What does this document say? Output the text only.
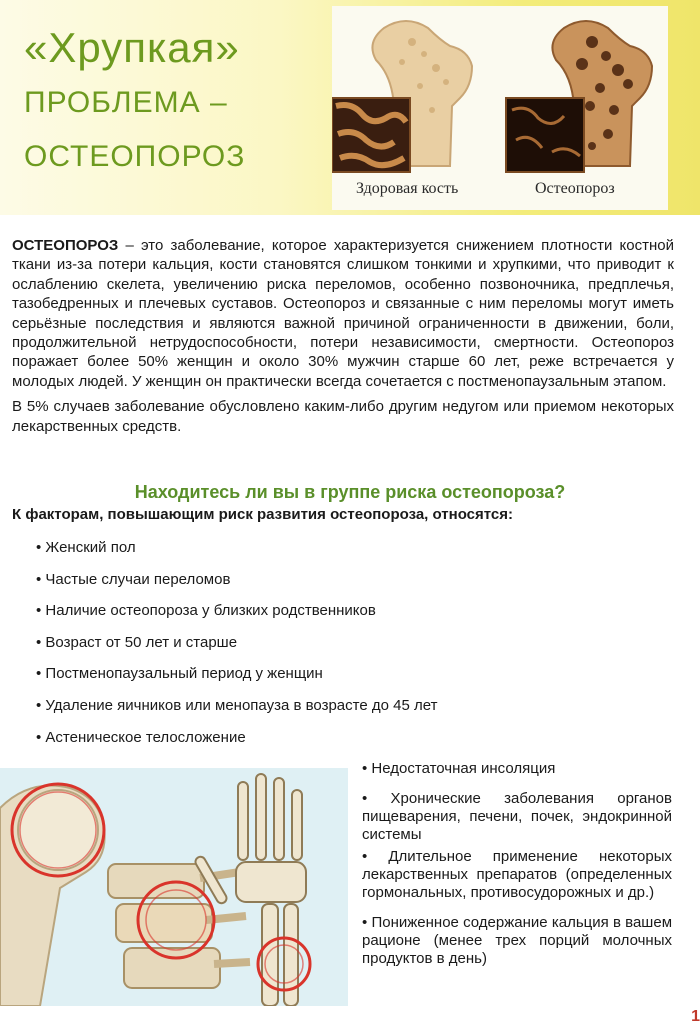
«Хрупкая»
ПРОБЛЕМА –
ОСТЕОПОРОЗ
Здоровая кость	Остеопороз

ОСТЕОПОРОЗ – это заболевание, которое характеризуется снижением плотности костной ткани из-за потери кальция, кости становятся слишком тонкими и хрупкими, что приводит к ослаблению скелета, увеличению риска переломов, особенно позвоночника, предплечья, тазобедренных и плечевых суставов. Остеопороз и связанные с ним переломы могут иметь серьёзные последствия и являются важной причиной ограниченности в движении, боли, продолжительной нетрудоспособности, потери независимости, смертности. Остеопороз поражает более 50% женщин и около 30% мужчин старше 60 лет, реже встречается у молодых людей. У женщин он практически всегда сочетается с постменопаузальным этапом.

В 5% случаев заболевание обусловлено каким-либо другим недугом или приемом некоторых лекарственных средств.

Находитесь ли вы в группе риска остеопороза?
К факторам, повышающим риск развития остеопороза, относятся:
• Женский пол
• Частые случаи переломов
• Наличие остеопороза у близких родственников
• Возраст от 50 лет и старше
• Постменопаузальный период у женщин
• Удаление яичников или менопауза в возрасте до 45 лет
• Астеническое телосложение
• Недостаточная инсоляция
• Хронические заболевания органов пищеварения, печени, почек, эндокринной системы
• Длительное применение некоторых лекарственных препаратов (определенных гормональных, противосудорожных и др.)
• Пониженное содержание кальция в вашем рационе (менее трех порций молочных продуктов в день)
1
